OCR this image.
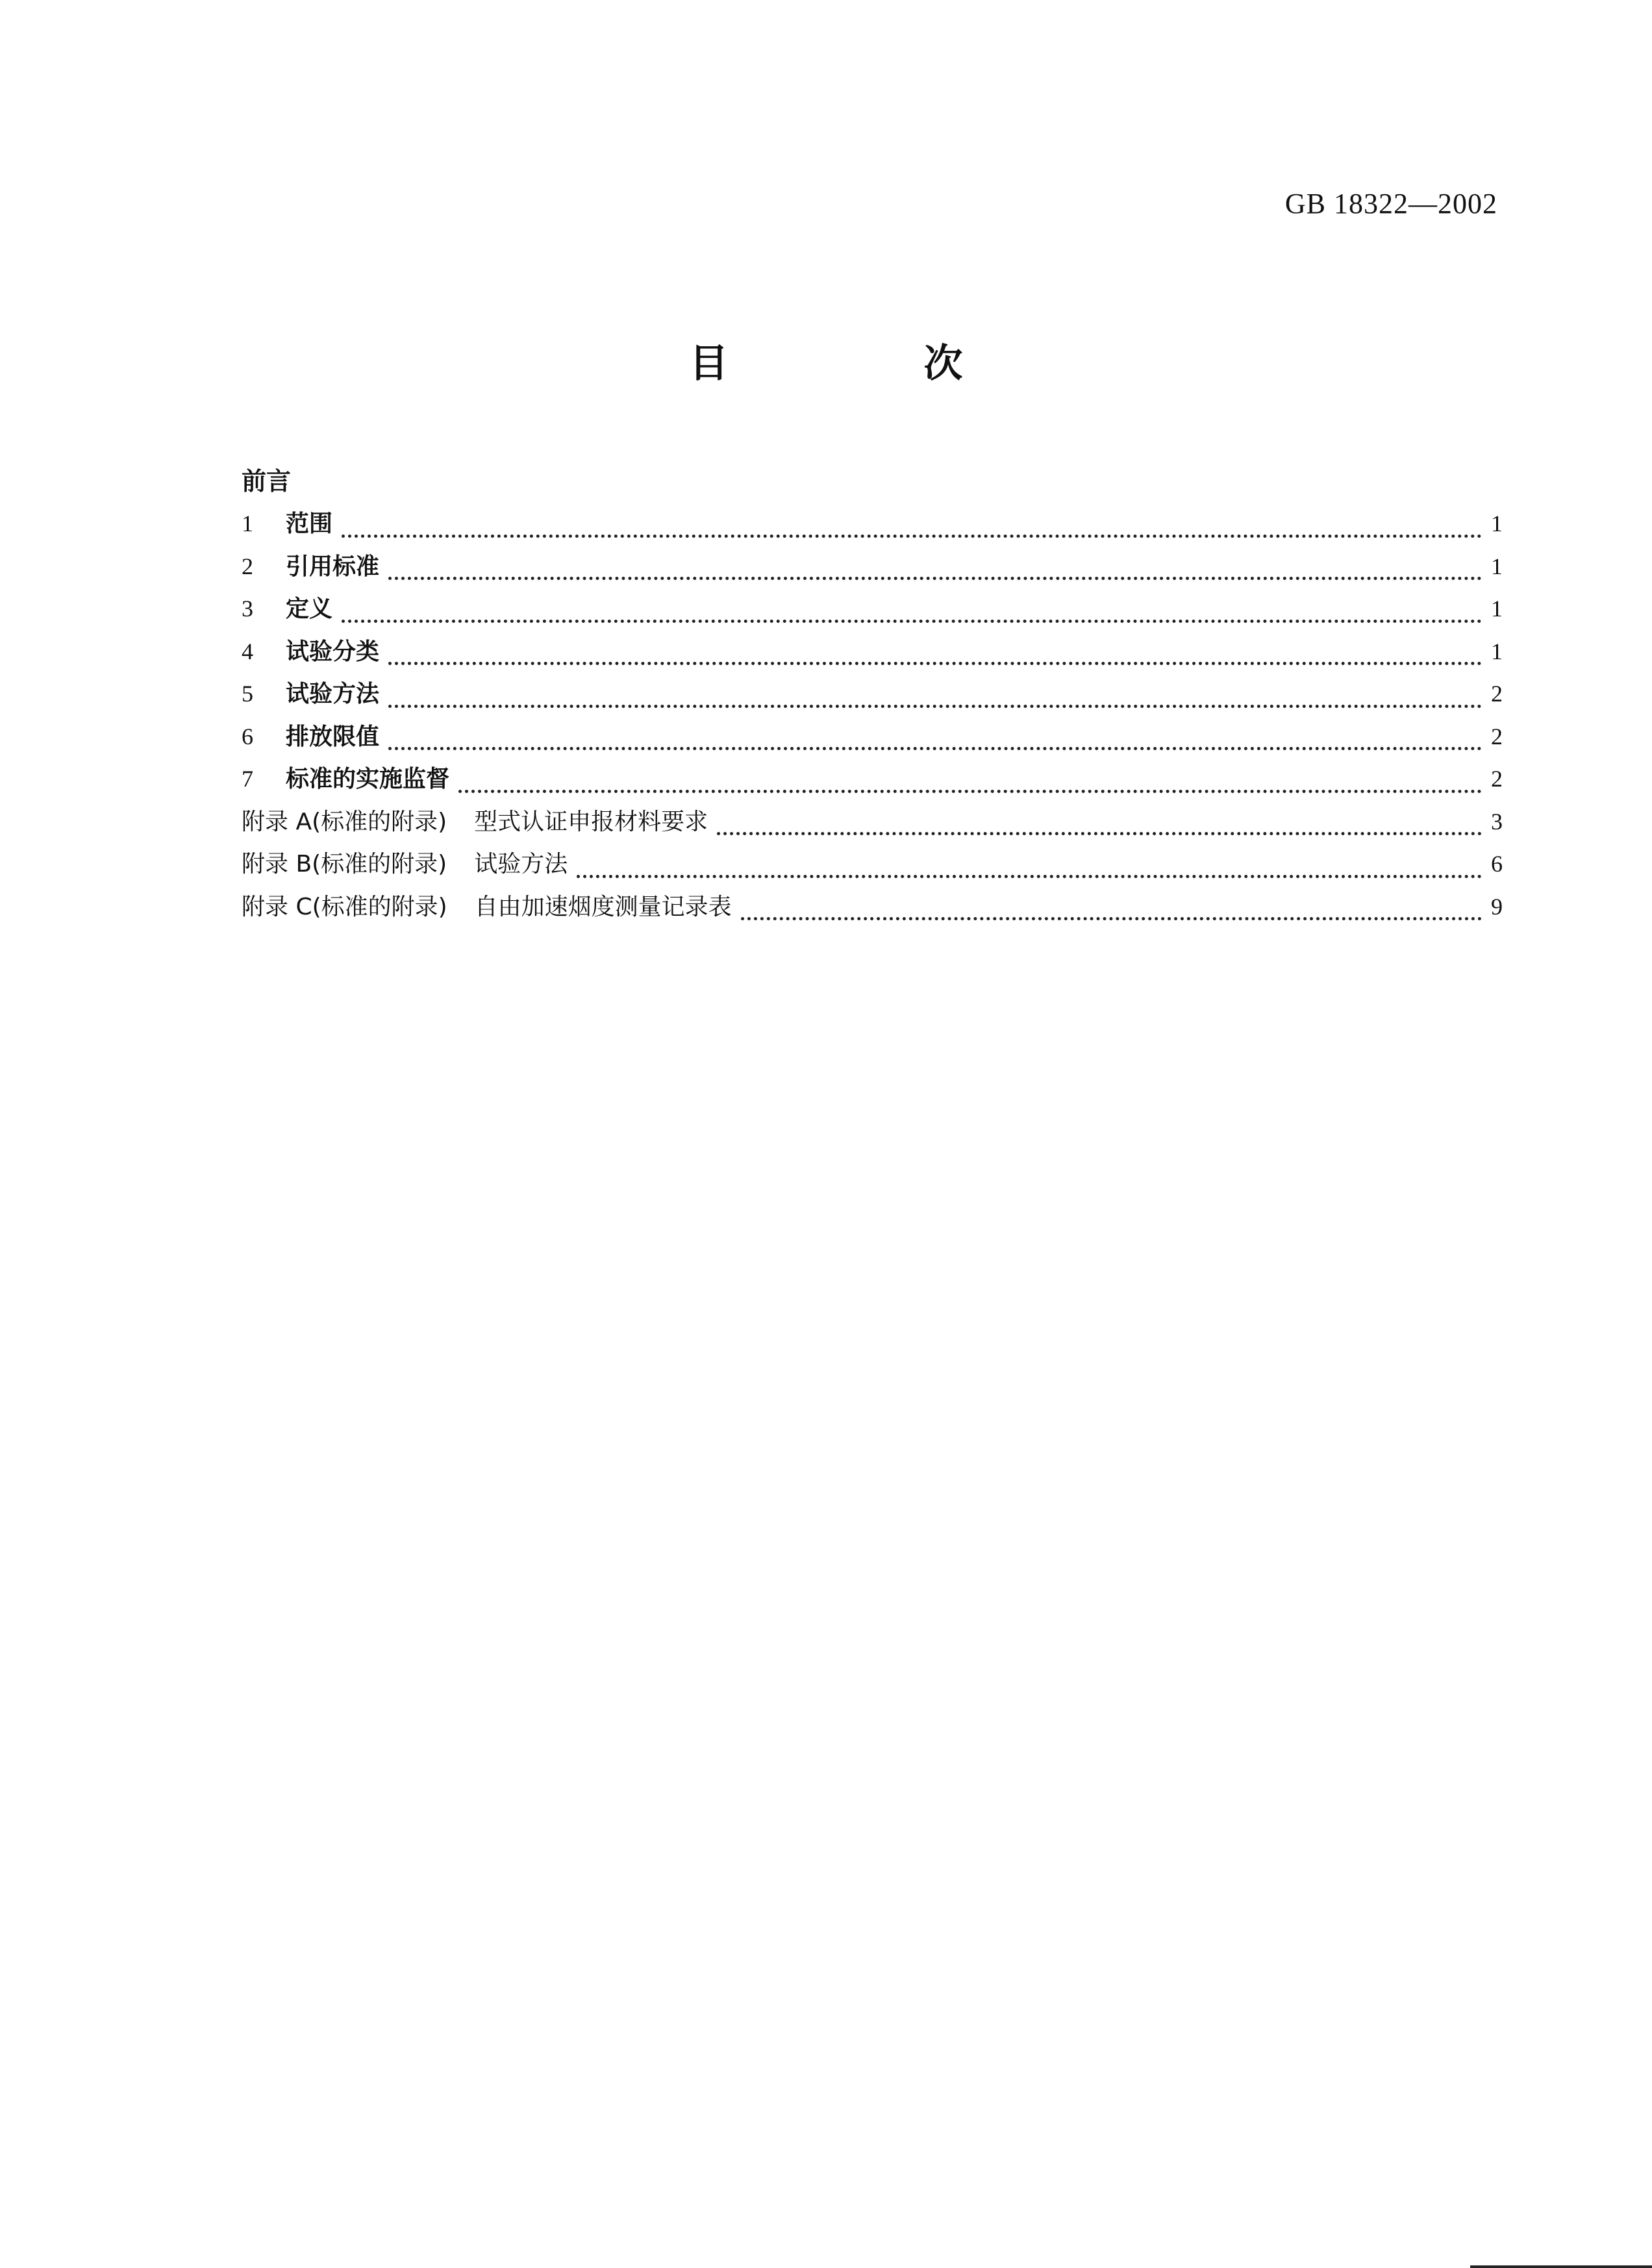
GB 18322—2002
目 次
前言
1	范围	1
2	引用标准	1
3	定义	1
4	试验分类	1
5	试验方法	2
6	排放限值	2
7	标准的实施监督	2
附录 A(标准的附录) 型式认证申报材料要求	3
附录 B(标准的附录) 试验方法	6
附录 C(标准的附录) 自由加速烟度测量记录表	9
